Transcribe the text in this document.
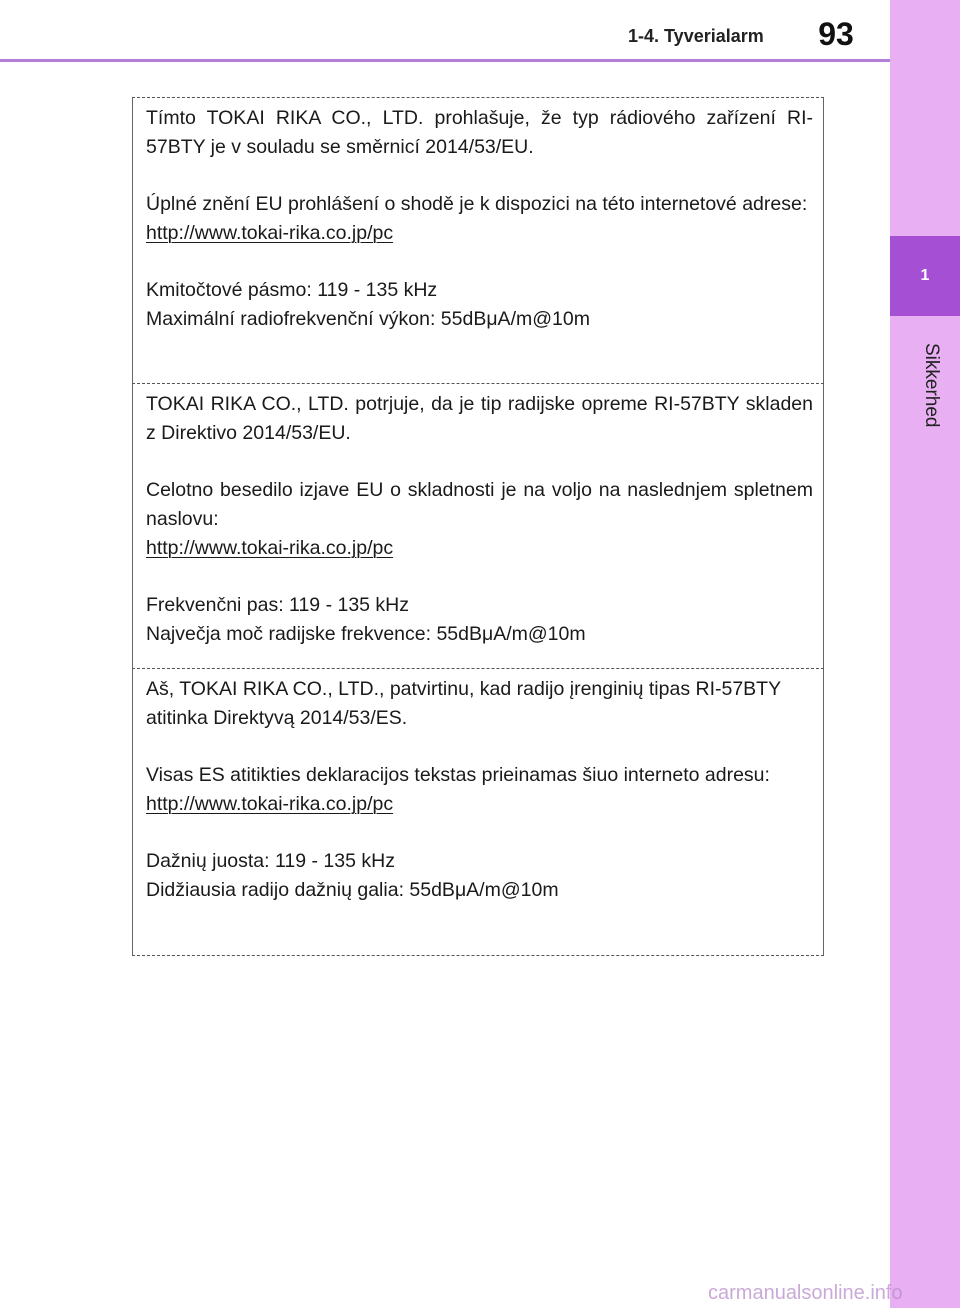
1-4. Tyverialarm	93
1
Sikkerhed

Tímto TOKAI RIKA CO., LTD. prohlašuje, že typ rádiového zařízení RI-57BTY je v souladu se směrnicí 2014/53/EU.

Úplné znění EU prohlášení o shodě je k dispozici na této internetové adrese:

http://www.tokai-rika.co.jp/pc

Kmitočtové pásmo: 119 - 135 kHz

Maximální radiofrekvenční výkon: 55dBμA/m@10m

TOKAI RIKA CO., LTD. potrjuje, da je tip radijske opreme RI-57BTY skladen z Direktivo 2014/53/EU.

Celotno besedilo izjave EU o skladnosti je na voljo na naslednjem spletnem naslovu:

http://www.tokai-rika.co.jp/pc

Frekvenčni pas: 119 - 135 kHz

Največja moč radijske frekvence: 55dBμA/m@10m

Aš, TOKAI RIKA CO., LTD., patvirtinu, kad radijo įrenginių tipas RI-57BTY atitinka Direktyvą 2014/53/ES.

Visas ES atitikties deklaracijos tekstas prieinamas šiuo interneto adresu:

http://www.tokai-rika.co.jp/pc

Dažnių juosta: 119 - 135 kHz

Didžiausia radijo dažnių galia: 55dBμA/m@10m

carmanualsonline.info
